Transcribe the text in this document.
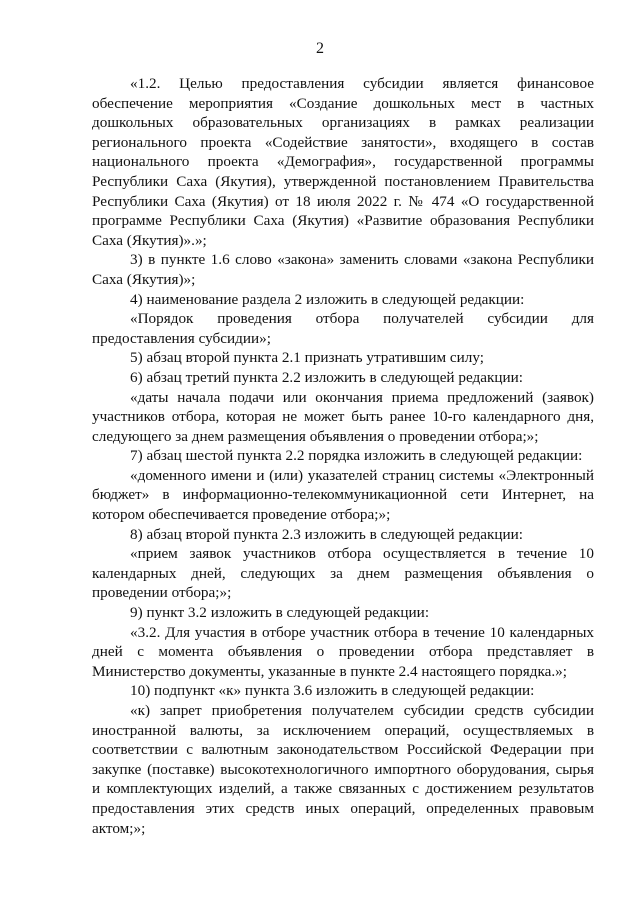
2

«1.2. Целью предоставления субсидии является финансовое обеспечение мероприятия «Создание дошкольных мест в частных дошкольных образовательных организациях в рамках реализации регионального проекта «Содействие занятости», входящего в состав национального проекта «Демография», государственной программы Республики Саха (Якутия), утвержденной постановлением Правительства Республики Саха (Якутия) от 18 июля 2022 г. № 474 «О государственной программе Республики Саха (Якутия) «Развитие образования Республики Саха (Якутия)».»;

3) в пункте 1.6 слово «закона» заменить словами «закона Республики Саха (Якутия)»;

4) наименование раздела 2 изложить в следующей редакции:

«Порядок проведения отбора получателей субсидии для предоставления субсидии»;

5) абзац второй пункта 2.1 признать утратившим силу;

6) абзац третий пункта 2.2 изложить в следующей редакции:

«даты начала подачи или окончания приема предложений (заявок) участников отбора, которая не может быть ранее 10-го календарного дня, следующего за днем размещения объявления о проведении отбора;»;

7) абзац шестой пункта 2.2 порядка изложить в следующей редакции:

«доменного имени и (или) указателей страниц системы «Электронный бюджет» в информационно-телекоммуникационной сети Интернет, на котором обеспечивается проведение отбора;»;

8) абзац второй пункта 2.3 изложить в следующей редакции:

«прием заявок участников отбора осуществляется в течение 10 календарных дней, следующих за днем размещения объявления о проведении отбора;»;

9) пункт 3.2 изложить в следующей редакции:

«3.2. Для участия в отборе участник отбора в течение 10 календарных дней с момента объявления о проведении отбора представляет в Министерство документы, указанные в пункте 2.4 настоящего порядка.»;

10) подпункт «к» пункта 3.6 изложить в следующей редакции:

«к) запрет приобретения получателем субсидии средств субсидии иностранной валюты, за исключением операций, осуществляемых в соответствии с валютным законодательством Российской Федерации при закупке (поставке) высокотехнологичного импортного оборудования, сырья и комплектующих изделий, а также связанных с достижением результатов предоставления этих средств иных операций, определенных правовым актом;»;
